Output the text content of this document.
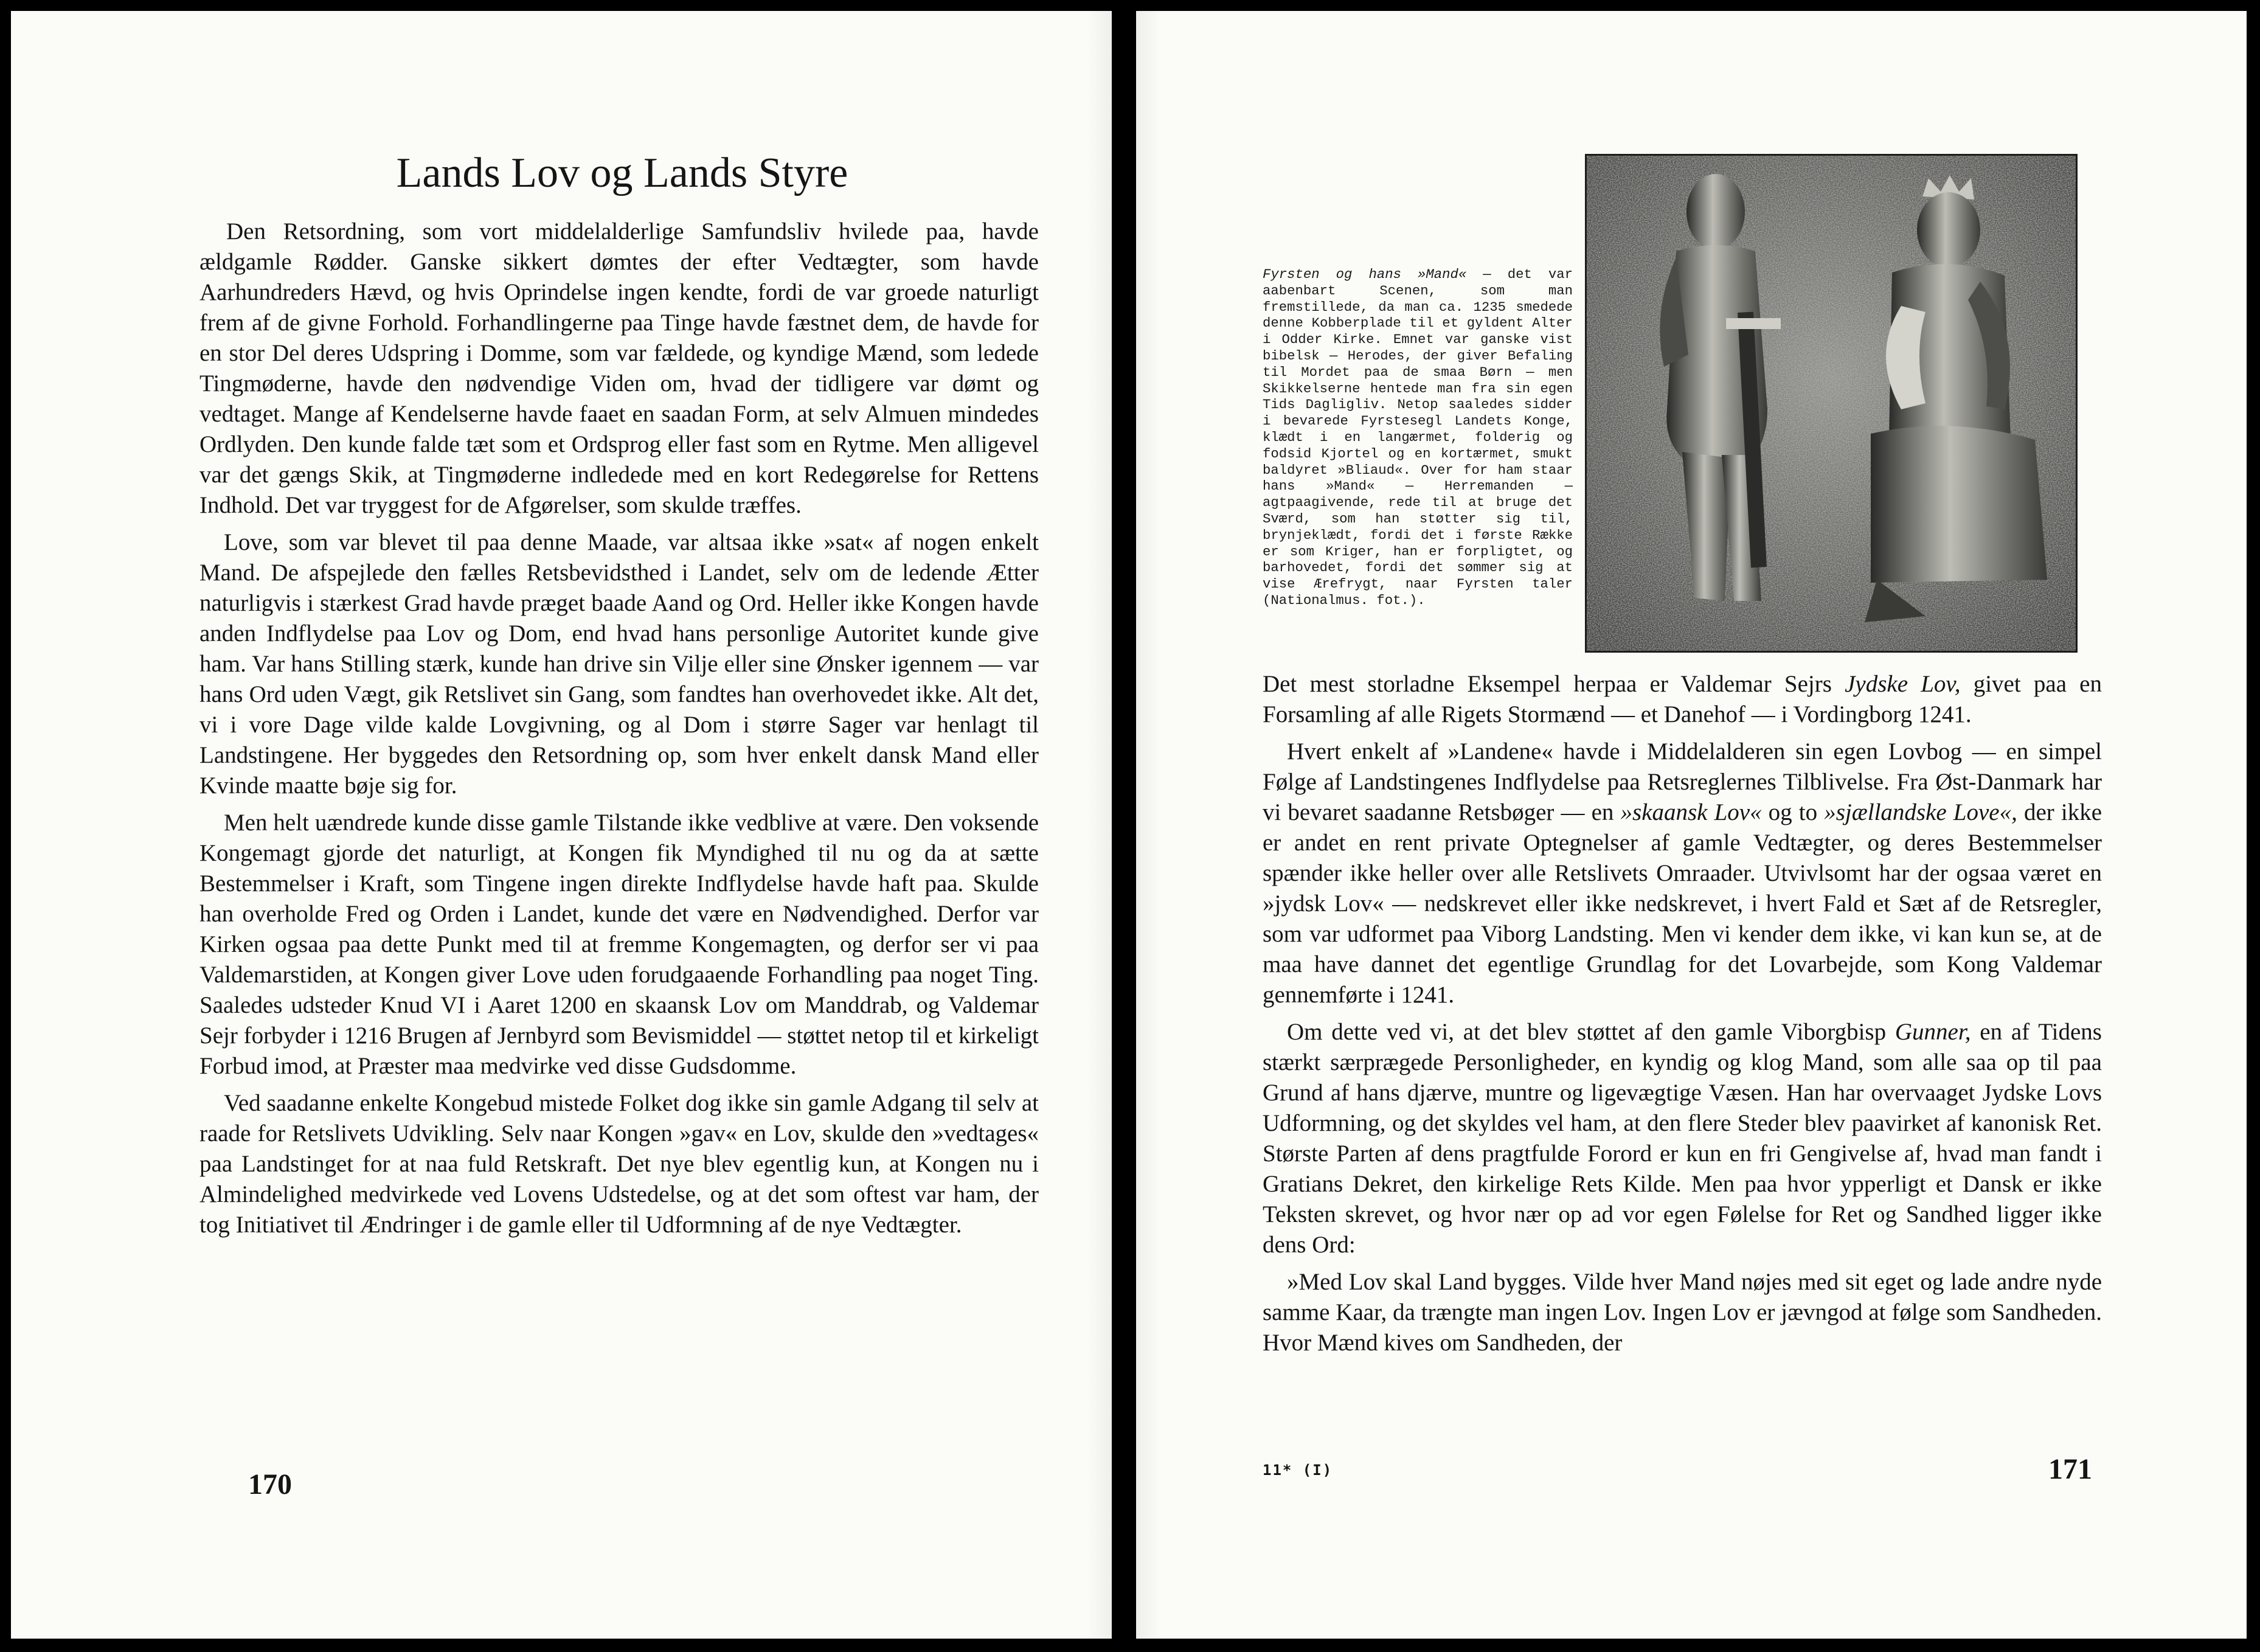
Lands Lov og Lands Styre

Den Retsordning, som vort middelalderlige Samfundsliv hvilede paa, havde ældgamle Rødder. Ganske sikkert dømtes der efter Vedtægter, som havde Aarhundreders Hævd, og hvis Oprindelse ingen kendte, fordi de var groede naturligt frem af de givne Forhold. Forhandlingerne paa Tinge havde fæstnet dem, de havde for en stor Del deres Udspring i Domme, som var fældede, og kyndige Mænd, som ledede Tingmøderne, havde den nødvendige Viden om, hvad der tidligere var dømt og vedtaget. Mange af Kendelserne havde faaet en saadan Form, at selv Almuen mindedes Ordlyden. Den kunde falde tæt som et Ordsprog eller fast som en Rytme. Men alligevel var det gængs Skik, at Tingmøderne indledede med en kort Redegørelse for Rettens Indhold. Det var tryggest for de Afgørelser, som skulde træffes.

Love, som var blevet til paa denne Maade, var altsaa ikke »sat« af nogen enkelt Mand. De afspejlede den fælles Retsbevidsthed i Landet, selv om de ledende Ætter naturligvis i stærkest Grad havde præget baade Aand og Ord. Heller ikke Kongen havde anden Indflydelse paa Lov og Dom, end hvad hans personlige Autoritet kunde give ham. Var hans Stilling stærk, kunde han drive sin Vilje eller sine Ønsker igennem — var hans Ord uden Vægt, gik Retslivet sin Gang, som fandtes han overhovedet ikke. Alt det, vi i vore Dage vilde kalde Lovgivning, og al Dom i større Sager var henlagt til Landstingene. Her byggedes den Retsordning op, som hver enkelt dansk Mand eller Kvinde maatte bøje sig for.

Men helt uændrede kunde disse gamle Tilstande ikke vedblive at være. Den voksende Kongemagt gjorde det naturligt, at Kongen fik Myndighed til nu og da at sætte Bestemmelser i Kraft, som Tingene ingen direkte Indflydelse havde haft paa. Skulde han overholde Fred og Orden i Landet, kunde det være en Nødvendighed. Derfor var Kirken ogsaa paa dette Punkt med til at fremme Kongemagten, og derfor ser vi paa Valdemarstiden, at Kongen giver Love uden forudgaaende Forhandling paa noget Ting. Saaledes udsteder Knud VI i Aaret 1200 en skaansk Lov om Manddrab, og Valdemar Sejr forbyder i 1216 Brugen af Jernbyrd som Bevismiddel — støttet netop til et kirkeligt Forbud imod, at Præster maa medvirke ved disse Gudsdomme.

Ved saadanne enkelte Kongebud mistede Folket dog ikke sin gamle Adgang til selv at raade for Retslivets Udvikling. Selv naar Kongen »gav« en Lov, skulde den »vedtages« paa Landstinget for at naa fuld Retskraft. Det nye blev egentlig kun, at Kongen nu i Almindelighed medvirkede ved Lovens Udstedelse, og at det som oftest var ham, der tog Initiativet til Ændringer i de gamle eller til Udformning af de nye Vedtægter.

170
Fyrsten og hans »Mand« — det var aabenbart Scenen, som man fremstillede, da man ca. 1235 smedede denne Kobberplade til et gyldent Alter i Odder Kirke. Emnet var ganske vist bibelsk — Herodes, der giver Befaling til Mordet paa de smaa Børn — men Skikkelserne hentede man fra sin egen Tids Dagligliv. Netop saaledes sidder i bevarede Fyrstesegl Landets Konge, klædt i en langærmet, folderig og fodsid Kjortel og en kortærmet, smukt baldyret »Bliaud«. Over for ham staar hans »Mand« — Herremanden — agtpaagivende, rede til at bruge det Sværd, som han støtter sig til, brynjeklædt, fordi det i første Række er som Kriger, han er forpligtet, og barhovedet, fordi det sømmer sig at vise Ærefrygt, naar Fyrsten taler (Nationalmus. fot.).

Det mest storladne Eksempel herpaa er Valdemar Sejrs Jydske Lov, givet paa en Forsamling af alle Rigets Stormænd — et Danehof — i Vordingborg 1241.

Hvert enkelt af »Landene« havde i Middelalderen sin egen Lovbog — en simpel Følge af Landstingenes Indflydelse paa Retsreglernes Tilblivelse. Fra Øst-Danmark har vi bevaret saadanne Retsbøger — en »skaansk Lov« og to »sjællandske Love«, der ikke er andet en rent private Optegnelser af gamle Vedtægter, og deres Bestemmelser spænder ikke heller over alle Retslivets Omraader. Utvivlsomt har der ogsaa været en »jydsk Lov« — nedskrevet eller ikke nedskrevet, i hvert Fald et Sæt af de Retsregler, som var udformet paa Viborg Landsting. Men vi kender dem ikke, vi kan kun se, at de maa have dannet det egentlige Grundlag for det Lovarbejde, som Kong Valdemar gennemførte i 1241.

Om dette ved vi, at det blev støttet af den gamle Viborgbisp Gunner, en af Tidens stærkt særprægede Personligheder, en kyndig og klog Mand, som alle saa op til paa Grund af hans djærve, muntre og ligevægtige Væsen. Han har overvaaget Jydske Lovs Udformning, og det skyldes vel ham, at den flere Steder blev paavirket af kanonisk Ret. Største Parten af dens pragtfulde Forord er kun en fri Gengivelse af, hvad man fandt i Gratians Dekret, den kirkelige Rets Kilde. Men paa hvor ypperligt et Dansk er ikke Teksten skrevet, og hvor nær op ad vor egen Følelse for Ret og Sandhed ligger ikke dens Ord:

»Med Lov skal Land bygges. Vilde hver Mand nøjes med sit eget og lade andre nyde samme Kaar, da trængte man ingen Lov. Ingen Lov er jævngod at følge som Sandheden. Hvor Mænd kives om Sandheden, der

11* (I)	171
